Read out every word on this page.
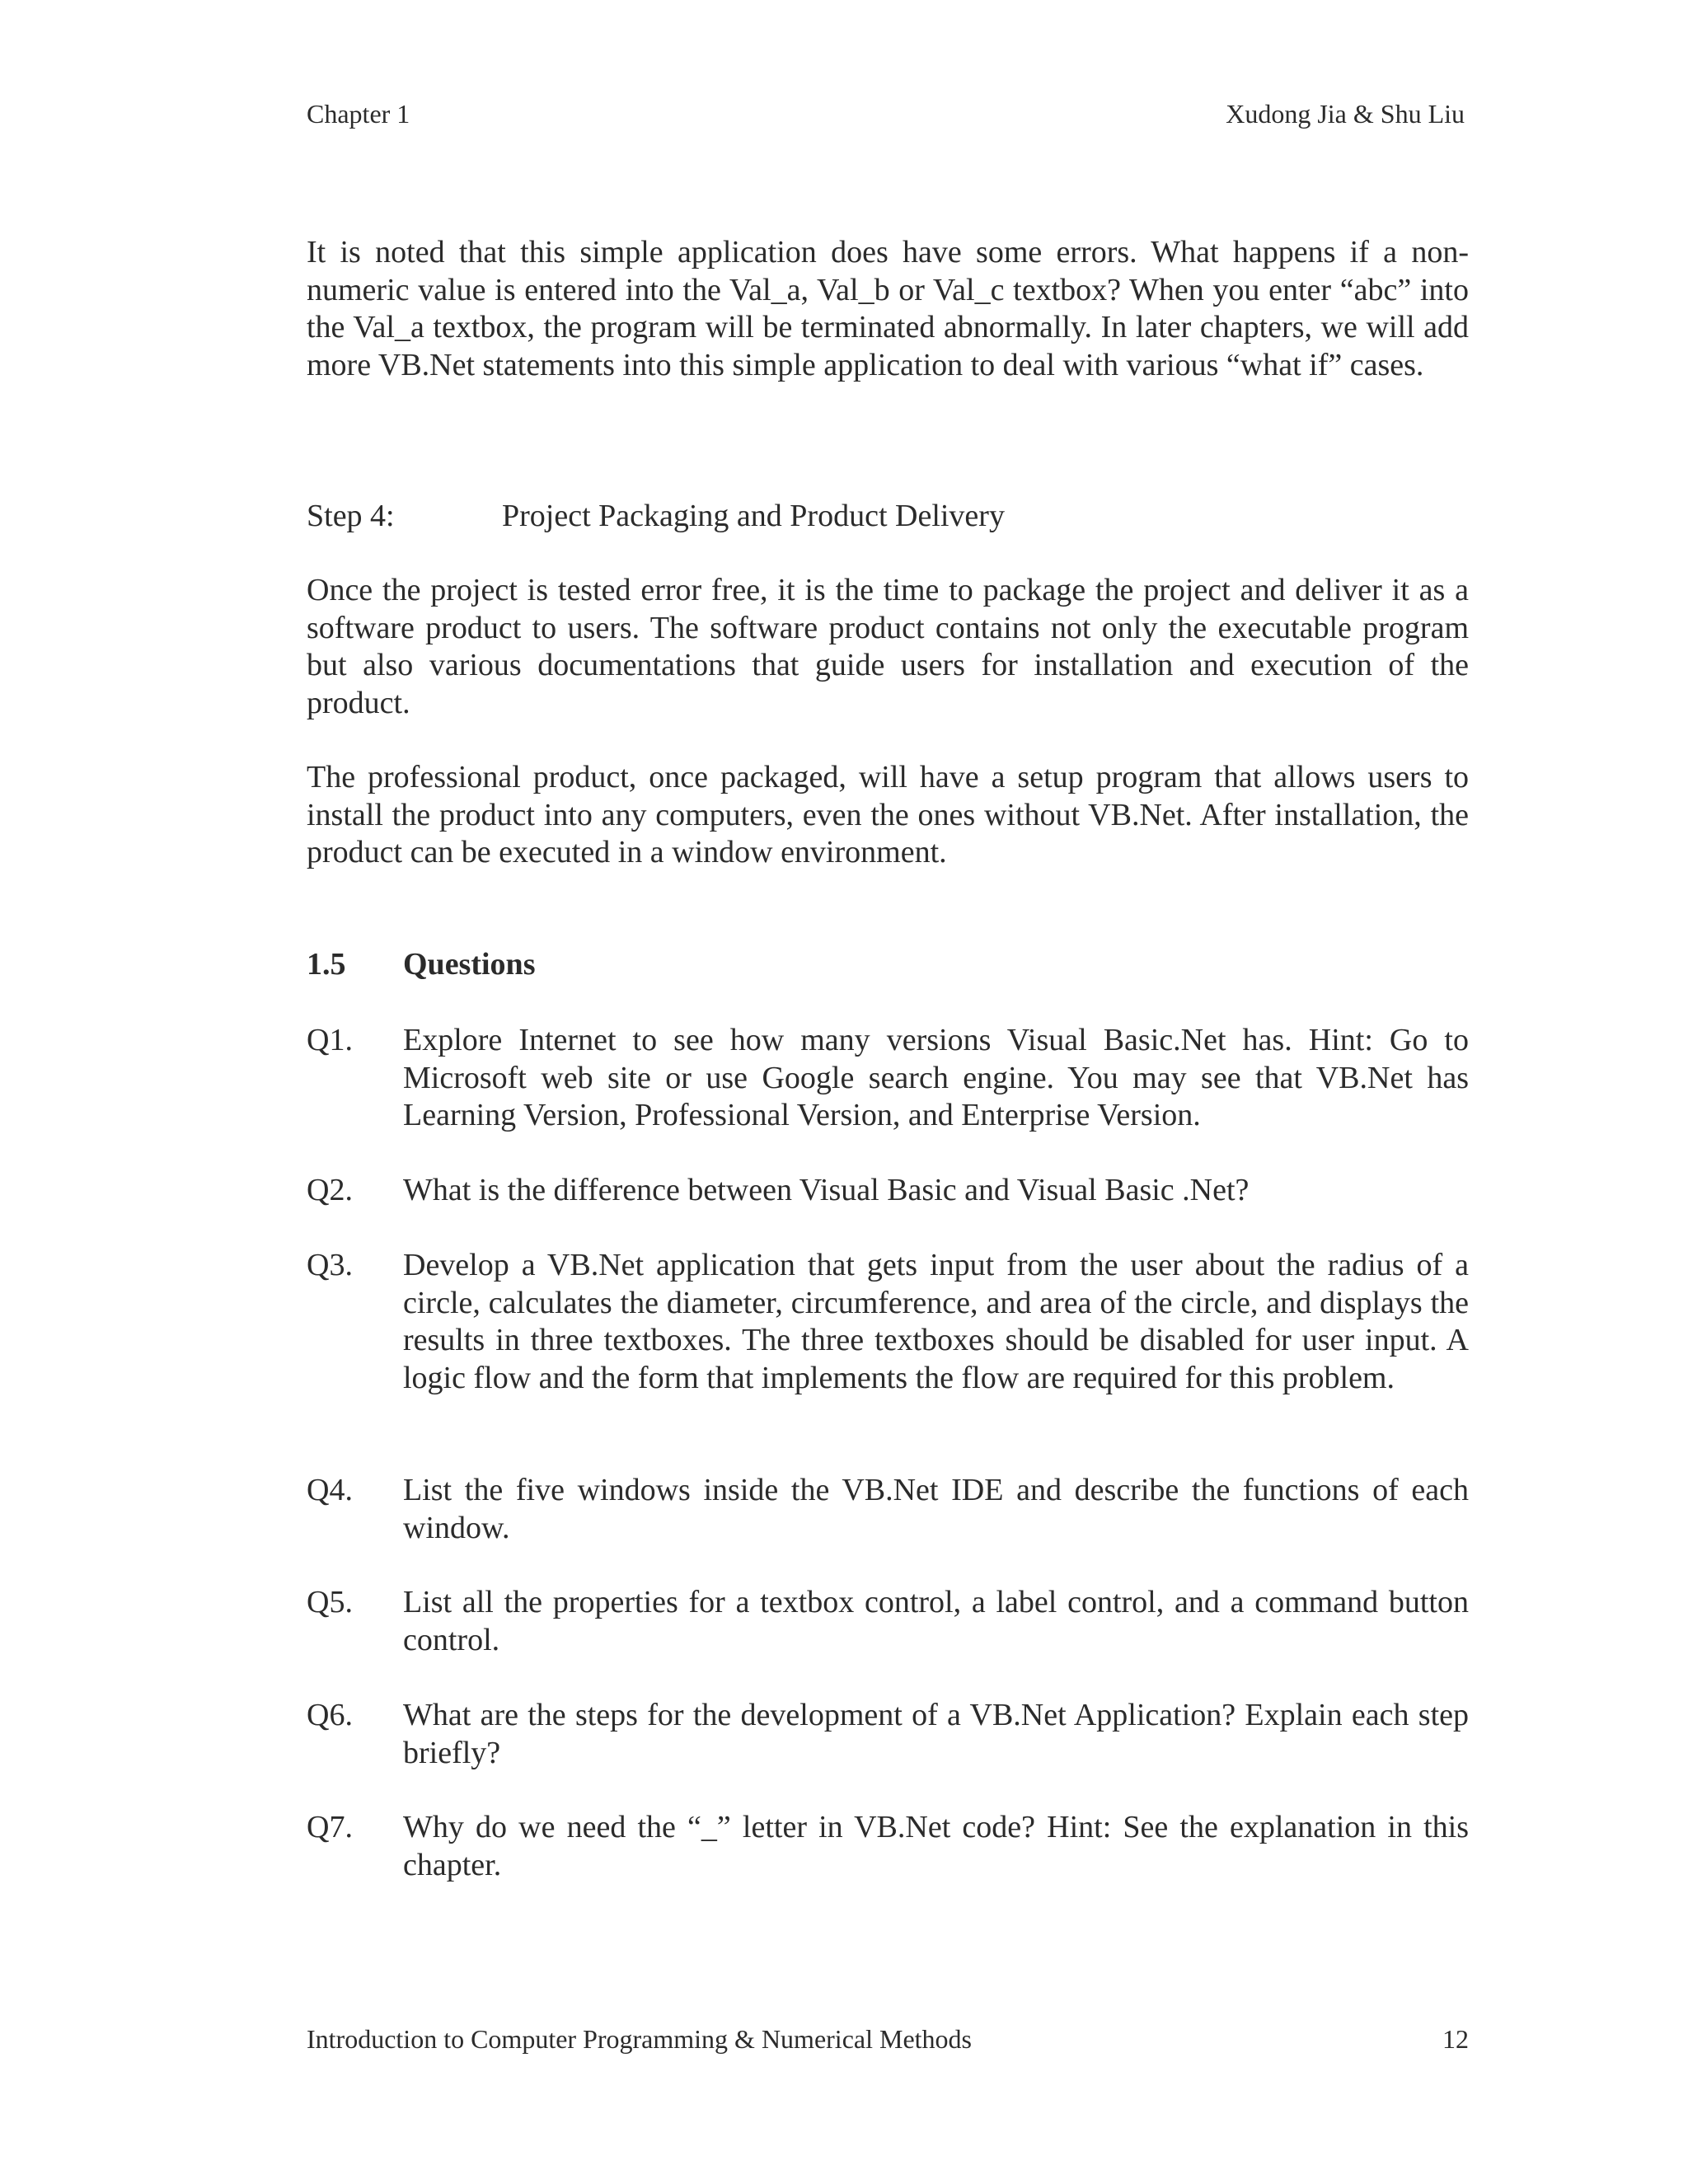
Chapter 1	Xudong Jia & Shu Liu

It is noted that this simple application does have some errors. What happens if a non-numeric value is entered into the Val_a, Val_b or Val_c textbox? When you enter “abc” into the Val_a textbox, the program will be terminated abnormally. In later chapters, we will add more VB.Net statements into this simple application to deal with various “what if” cases.

Step 4:	Project Packaging and Product Delivery

Once the project is tested error free, it is the time to package the project and deliver it as a software product to users. The software product contains not only the executable program but also various documentations that guide users for installation and execution of the product.

The professional product, once packaged, will have a setup program that allows users to install the product into any computers, even the ones without VB.Net. After installation, the product can be executed in a window environment.

1.5 Questions
Q1. Explore Internet to see how many versions Visual Basic.Net has. Hint: Go to Microsoft web site or use Google search engine. You may see that VB.Net has Learning Version, Professional Version, and Enterprise Version.
Q2. What is the difference between Visual Basic and Visual Basic .Net?
Q3. Develop a VB.Net application that gets input from the user about the radius of a circle, calculates the diameter, circumference, and area of the circle, and displays the results in three textboxes. The three textboxes should be disabled for user input. A logic flow and the form that implements the flow are required for this problem.
Q4. List the five windows inside the VB.Net IDE and describe the functions of each window.
Q5. List all the properties for a textbox control, a label control, and a command button control.
Q6. What are the steps for the development of a VB.Net Application? Explain each step briefly?
Q7. Why do we need the “_” letter in VB.Net code? Hint: See the explanation in this chapter.
Introduction to Computer Programming & Numerical Methods	12
